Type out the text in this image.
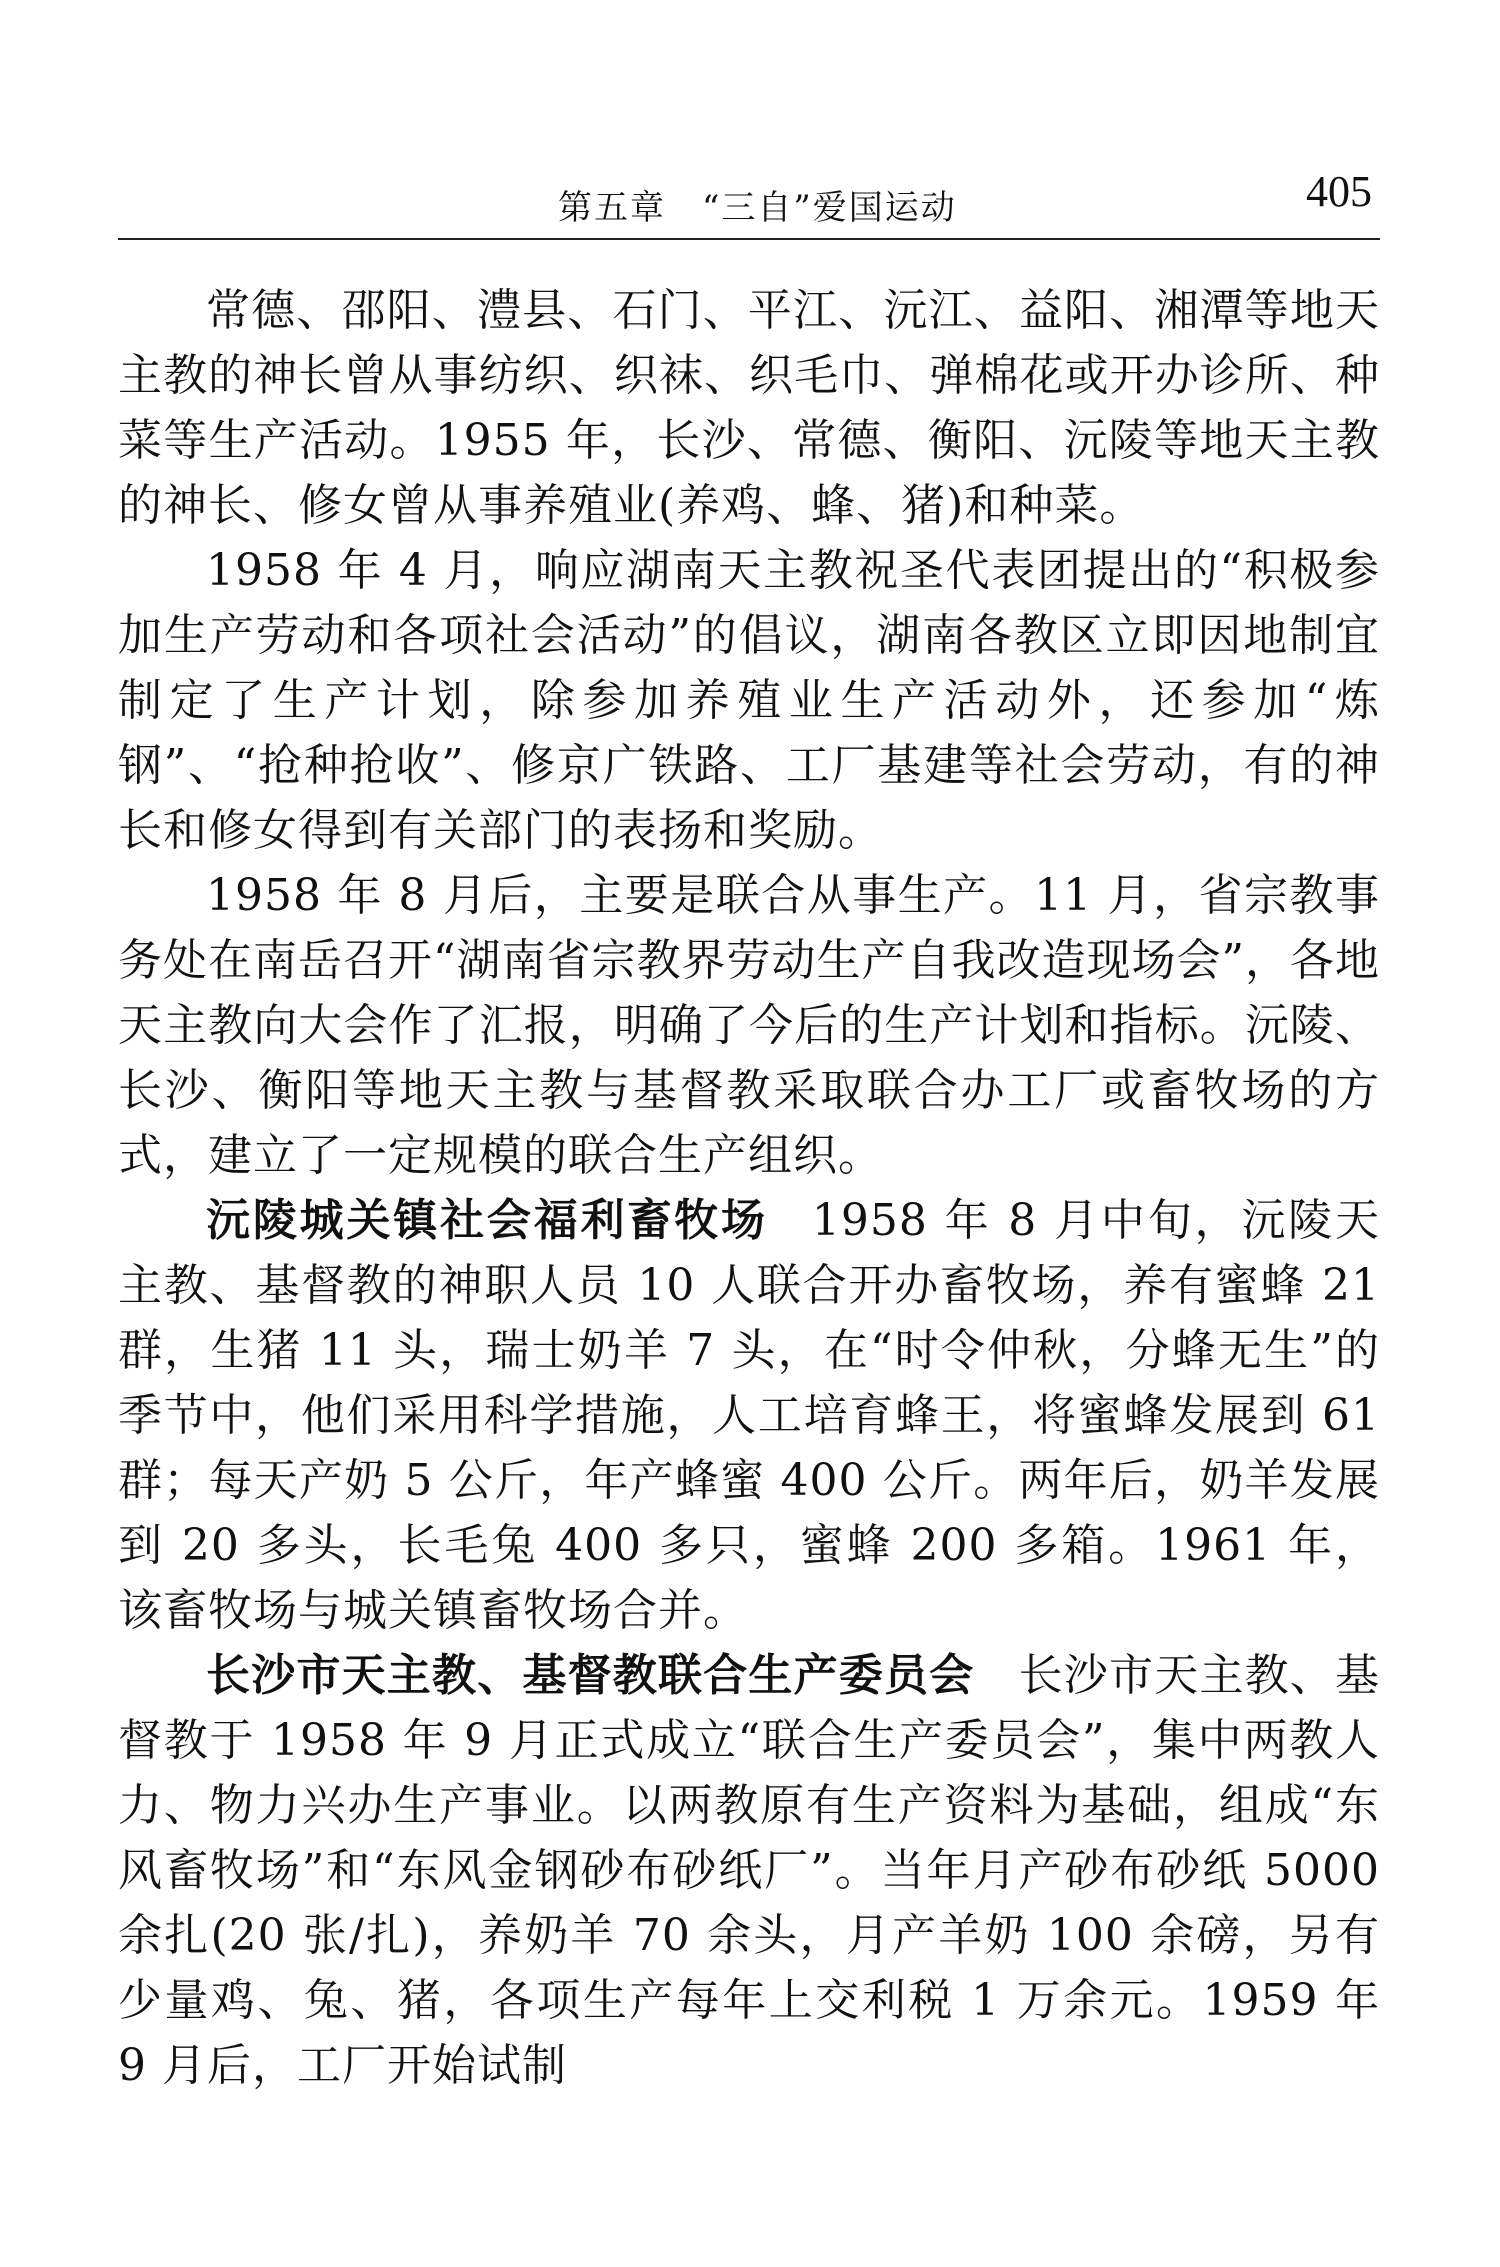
第五章　“三自”爱国运动	405

常德、邵阳、澧县、石门、平江、沅江、益阳、湘潭等地天主教的神长曾从事纺织、织袜、织毛巾、弹棉花或开办诊所、种菜等生产活动。1955 年，长沙、常德、衡阳、沅陵等地天主教的神长、修女曾从事养殖业(养鸡、蜂、猪)和种菜。

1958 年 4 月，响应湖南天主教祝圣代表团提出的“积极参加生产劳动和各项社会活动”的倡议，湖南各教区立即因地制宜制定了生产计划，除参加养殖业生产活动外，还参加“炼钢”、“抢种抢收”、修京广铁路、工厂基建等社会劳动，有的神长和修女得到有关部门的表扬和奖励。

1958 年 8 月后，主要是联合从事生产。11 月，省宗教事务处在南岳召开“湖南省宗教界劳动生产自我改造现场会”，各地天主教向大会作了汇报，明确了今后的生产计划和指标。沅陵、长沙、衡阳等地天主教与基督教采取联合办工厂或畜牧场的方式，建立了一定规模的联合生产组织。

沅陵城关镇社会福利畜牧场 1958 年 8 月中旬，沅陵天主教、基督教的神职人员 10 人联合开办畜牧场，养有蜜蜂 21 群，生猪 11 头，瑞士奶羊 7 头，在“时令仲秋，分蜂无生”的季节中，他们采用科学措施，人工培育蜂王，将蜜蜂发展到 61 群；每天产奶 5 公斤，年产蜂蜜 400 公斤。两年后，奶羊发展到 20 多头，长毛兔 400 多只，蜜蜂 200 多箱。1961 年，该畜牧场与城关镇畜牧场合并。

长沙市天主教、基督教联合生产委员会 长沙市天主教、基督教于 1958 年 9 月正式成立“联合生产委员会”，集中两教人力、物力兴办生产事业。以两教原有生产资料为基础，组成“东风畜牧场”和“东风金钢砂布砂纸厂”。当年月产砂布砂纸 5000 余扎(20 张/扎)，养奶羊 70 余头，月产羊奶 100 余磅，另有少量鸡、兔、猪，各项生产每年上交利税 1 万余元。1959 年 9 月后，工厂开始试制
